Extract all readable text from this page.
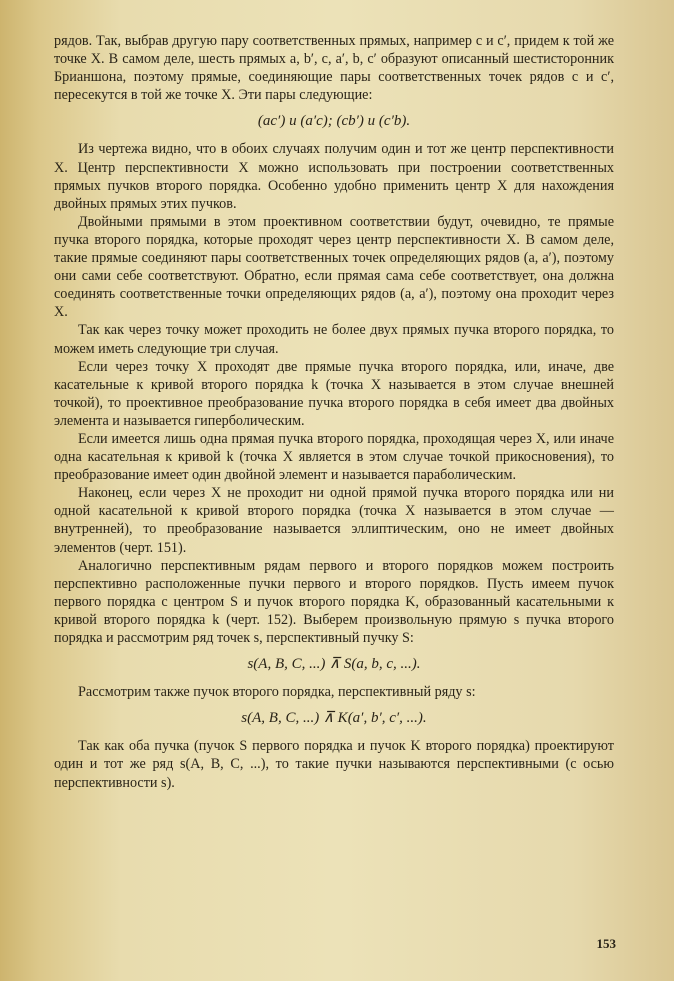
рядов. Так, выбрав другую пару соответственных прямых, например c и c′, придем к той же точке X. В самом деле, шесть прямых a, b′, c, a′, b, c′ образуют описанный шестисторонник Брианшона, поэтому прямые, соединяющие пары соответственных точек рядов c и c′, пересекутся в той же точке X. Эти пары следующие:

(ac′) и (a′c); (cb′) и (c′b).

Из чертежа видно, что в обоих случаях получим один и тот же центр перспективности X. Центр перспективности X можно использовать при построении соответственных прямых пучков второго порядка. Особенно удобно применить центр X для нахождения двойных прямых этих пучков.

Двойными прямыми в этом проективном соответствии будут, очевидно, те прямые пучка второго порядка, которые проходят через центр перспективности X. В самом деле, такие прямые соединяют пары соответственных точек определяющих рядов (a, a′), поэтому они сами себе соответствуют. Обратно, если прямая сама себе соответствует, она должна соединять соответственные точки определяющих рядов (a, a′), поэтому она проходит через X.

Так как через точку может проходить не более двух прямых пучка второго порядка, то можем иметь следующие три случая.

Если через точку X проходят две прямые пучка второго порядка, или, иначе, две касательные к кривой второго порядка k (точка X называется в этом случае внешней точкой), то проективное преобразование пучка второго порядка в себя имеет два двойных элемента и называется гиперболическим.

Если имеется лишь одна прямая пучка второго порядка, проходящая через X, или иначе одна касательная к кривой k (точка X является в этом случае точкой прикосновения), то преобразование имеет один двойной элемент и называется параболическим.

Наконец, если через X не проходит ни одной прямой пучка второго порядка или ни одной касательной к кривой второго порядка (точка X называется в этом случае — внутренней), то преобразование называется эллиптическим, оно не имеет двойных элементов (черт. 151).

Аналогично перспективным рядам первого и второго порядков можем построить перспективно расположенные пучки первого и второго порядков. Пусть имеем пучок первого порядка с центром S и пучок второго порядка K, образованный касательными к кривой второго порядка k (черт. 152). Выберем произвольную прямую s пучка второго порядка и рассмотрим ряд точек s, перспективный пучку S:

s(A, B, C, ...) ⊼ S(a, b, c, ...).

Рассмотрим также пучок второго порядка, перспективный ряду s:

s(A, B, C, ...) ⊼ K(a′, b′, c′, ...).

Так как оба пучка (пучок S первого порядка и пучок K второго порядка) проектируют один и тот же ряд s(A, B, C, ...), то такие пучки называются перспективными (с осью перспективности s).

153
